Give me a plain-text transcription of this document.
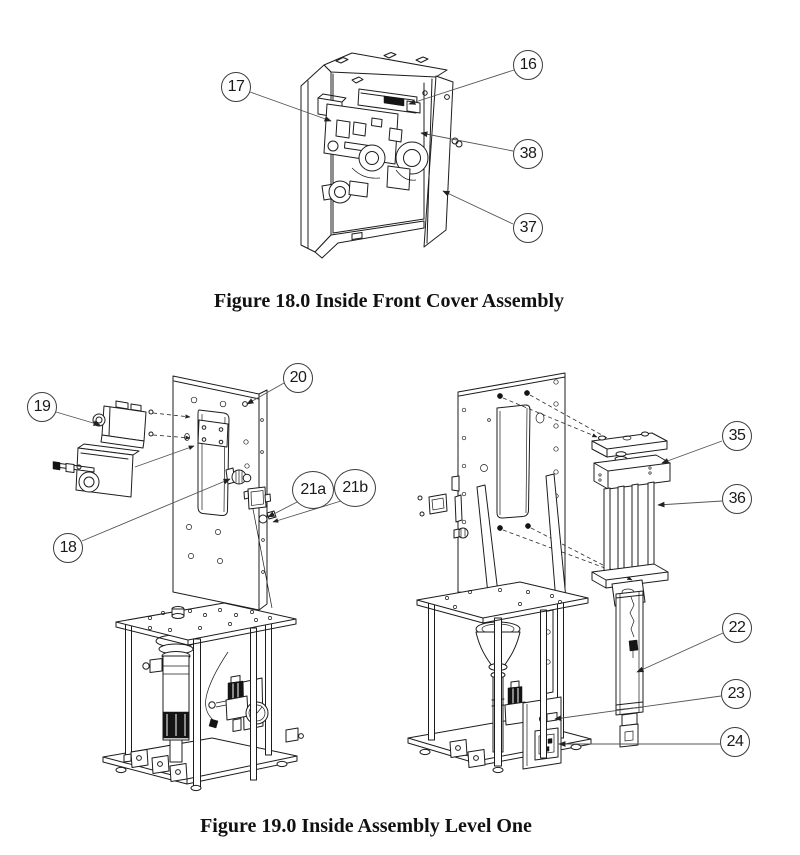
17
16
38
37
19
20
18
21a 21b
35
36
22
23
24
Figure 18.0 Inside Front Cover Assembly
Figure 19.0 Inside Assembly Level One
